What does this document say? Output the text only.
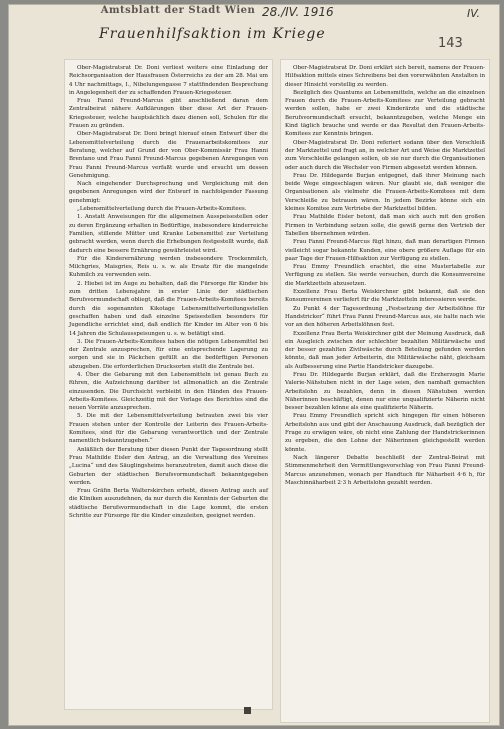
Amtsblatt der Stadt Wien 28./IV. 1916	IV.
Frauenhilfsaktion im Kriege
143

Ober-Magistratsrat Dr. Doni verliest weiters eine Einladung der Reichsorganisation der Hausfrauen Österreichs zu der am 28. Mai um 4 Uhr nachmittags, I., Nibelungengasse 7 stattfindenden Besprechung in Angelegenheit der zu schaffenden Frauen-Kriegssteuer.

Frau Fanni Freund-Marcus gibt anschließend daran dem Zentralbeirat nähere Aufklärungen über diese Art der Frauen-Kriegssteuer, welche hauptsächlich dazu dienen soll, Schulen für die Frauen zu gründen.

Ober-Magistratsrat Dr. Doni bringt hierauf einen Entwurf über die Lebensmittelverteilung durch die Frauenarbeitskomitees zur Beratung, welcher auf Grund der von Ober-Kommissär Frau Hanni Brentano und Frau Fanni Freund-Marcus gegebenen Anregungen von Frau Fanni Freund-Marcus verfaßt wurde und ersucht um dessen Genehmigung.

Nach eingehender Durchsprechung und Vergleichung mit den gegebenen Anregungen wird der Entwurf in nachfolgender Fassung genehmigt:

„Lebensmittelverteilung durch die Frauen-Arbeits-Komitees.

1. Anstatt Anweisungen für die allgemeinen Ausspeisestellen oder zu deren Ergänzung erhalten in Bedürftige, insbesondere kinderreiche Familien, stillende Mütter und Kranke Lebensmittel zur Verteilung gebracht werden, wenn durch die Erhebungen festgestellt wurde, daß dadurch eine bessere Ernährung gewährleistet wird.

Für die Kinderernährung werden insbesondere Trockenmilch, Milchgries, Maisgries, Reis u. s. w. als Ersatz für die mangelnde Kuhmilch zu verwenden sein.

2. Hiebei ist im Auge zu behalten, daß die Fürsorge für Kinder bis zum dritten Lebensjahre in erster Linie der städtischen Berufsvormundschaft obliegt, daß die Frauen-Arbeits-Komitees bereits durch die sogenannten Kikotage Lebensmittelverteilungsstellen geschaffen haben und daß einzelne Speisestellen besonders für Jugendliche errichtet sind, daß endlich für Kinder im Alter von 6 bis 14 Jahren die Schulausspeisungen u. s. w. betätigt sind.

3. Die Frauen-Arbeits-Komitees haben die nötigen Lebensmittel bei der Zentrale anzusprechen, für eine entsprechende Lagerung zu sorgen und sie in Päckchen gefüllt an die bedürftigen Personen abzugeben. Die erforderlichen Drucksorten stellt die Zentrale bei.

4. Über die Gebarung mit den Lebensmitteln ist genau Buch zu führen, die Aufzeichnung darüber ist allmonatlich an die Zentrale einzusenden. Die Durchsicht verbleibt in den Händen des Frauen-Arbeits-Komitees. Gleichzeitig mit der Vorlage des Berichtes sind die neuen Vorräte anzusprechen.

5. Die mit der Lebensmittelverteilung betrauten zwei bis vier Frauen stehen unter der Kontrolle der Leiterin des Frauen-Arbeits-Komitees, sind für die Gebarung verantwortlich und der Zentrale namentlich bekanntzugeben.“

Anläßlich der Beratung über diesen Punkt der Tagesordnung stellt Frau Mathilde Eisler den Antrag, an die Verwaltung des Vereines „Lucina“ und des Säuglingsheims heranzutreten, damit auch diese die Geburten der städtischen Berufsvormundschaft bekanntgegeben werden.

Frau Gräfin Berta Walterskirchen erhebt, diesen Antrag auch auf die Kliniken auszudehnen, da nur durch die Kenntnis der Geburten die städtische Berufsvormundschaft in die Lage kommt, die ersten Schritte zur Fürsorge für die Kinder einzuleiten, geeignet werden.

Ober-Magistratsrat Dr. Doni erklärt sich bereit, namens der Frauen-Hilfsaktion mittels eines Schreibens bei den vorerwähnten Anstalten in dieser Hinsicht vorstellig zu werden.

Bezüglich des Quantums an Lebensmitteln, welche an die einzelnen Frauen durch die Frauen-Arbeits-Komitees zur Verteilung gebracht werden sollen, habe er zwei Kinderärzte und die städtische Berufsvormundschaft ersucht, bekanntzugeben, welche Menge ein Kind täglich brauche und werde er das Resultat den Frauen-Arbeits-Komitees zur Kenntnis bringen.

Ober-Magistratsrat Dr. Doni referiert sodann über den Verschleiß der Marktzettel und fragt an, in welcher Art und Weise die Marktzettel zum Verschleiße gelangen sollen, ob sie nur durch die Organisationen oder auch durch die Wechsler von Firmen abgesetzt werden können.

Frau Dr. Hildegarde Burjan entgegnet, daß ihrer Meinung nach beide Wege eingeschlagen wären. Nur glaubt sie, daß weniger die Organisationen als vielmehr die Frauen-Arbeits-Komitees mit dem Verschleiße zu betrauen wären. In jedem Bezirke könne sich ein kleines Komitee zum Vertriebe der Marktzettel bilden.

Frau Mathilde Eisler betont, daß man sich auch mit den großen Firmen in Verbindung setzen solle, die gewiß gerne den Vertrieb der Tabellen übernehmen würden.

Frau Fanni Freund-Marcus fügt hinzu, daß man derartigen Firmen vielleicht sogar bekannte Kunden, eine obere größere Auflage für ein paar Tage der Frauen-Hilfsaktion zur Verfügung zu stellen.

Frau Emmy Freundlich erachtet, die eine Mustertabelle zur Verfügung zu stellen. Sie werde versuchen, durch die Konsumvereine die Marktzetteln abzusetzen.

Exzellenz Frau Berta Weiskirchner gibt bekannt, daß sie den Konsumvereinen verliefert für die Marktzetteln interessieren werde.

Zu Punkt 4 der Tagesordnung „Festsetzung der Arbeitslöhne für Handstricker“ führt Frau Fanni Freund-Marcus aus, sie halte nach wie vor an den höheren Arbeitslöhnen fest.

Exzellenz Frau Berta Weiskirchner gibt der Meinung Ausdruck, daß ein Ausgleich zwischen der schlechter bezahlten Militärwäsche und der besser gezahlten Zivilwäsche durch Beteilung gefunden werden könnte, daß man jeder Arbeiterin, die Militärwäsche näht, gleichsam als Aufbesserung eine Partie Handstricker dazugebe.

Frau Dr. Hildegarde Burjan erklärt, daß die Erzherzogin Marie Valerie-Nähstuben nicht in der Lage seien, den namhaft gemachten Arbeitslohn zu bezahlen, denn in diesen Nähstuben werden Näherinnen beschäftigt, denen nur eine unqualifizierte Näherin nicht besser bezahlen könne als eine qualifizierte Näherin.

Frau Emmy Freundlich spricht sich hingegen für einen höheren Arbeitslohn aus und gibt der Anschauung Ausdruck, daß bezüglich der Frage zu erwägen wäre, ob nicht eine Zahlung der Handstrickerinnen zu ergeben, die den Lohne der Näherinnen gleichgestellt werden könnte.

Nach längerer Debatte beschließt der Zentral-Beirat mit Stimmenmehrheit den Vermittlungsvorschlag von Frau Fanni Freund-Marcus anzunehmen, wonach per Handtuch für Näharbeit 4·6 h, für Maschinnäharbeit 2·3 h Arbeitslohn gezahlt werden.
